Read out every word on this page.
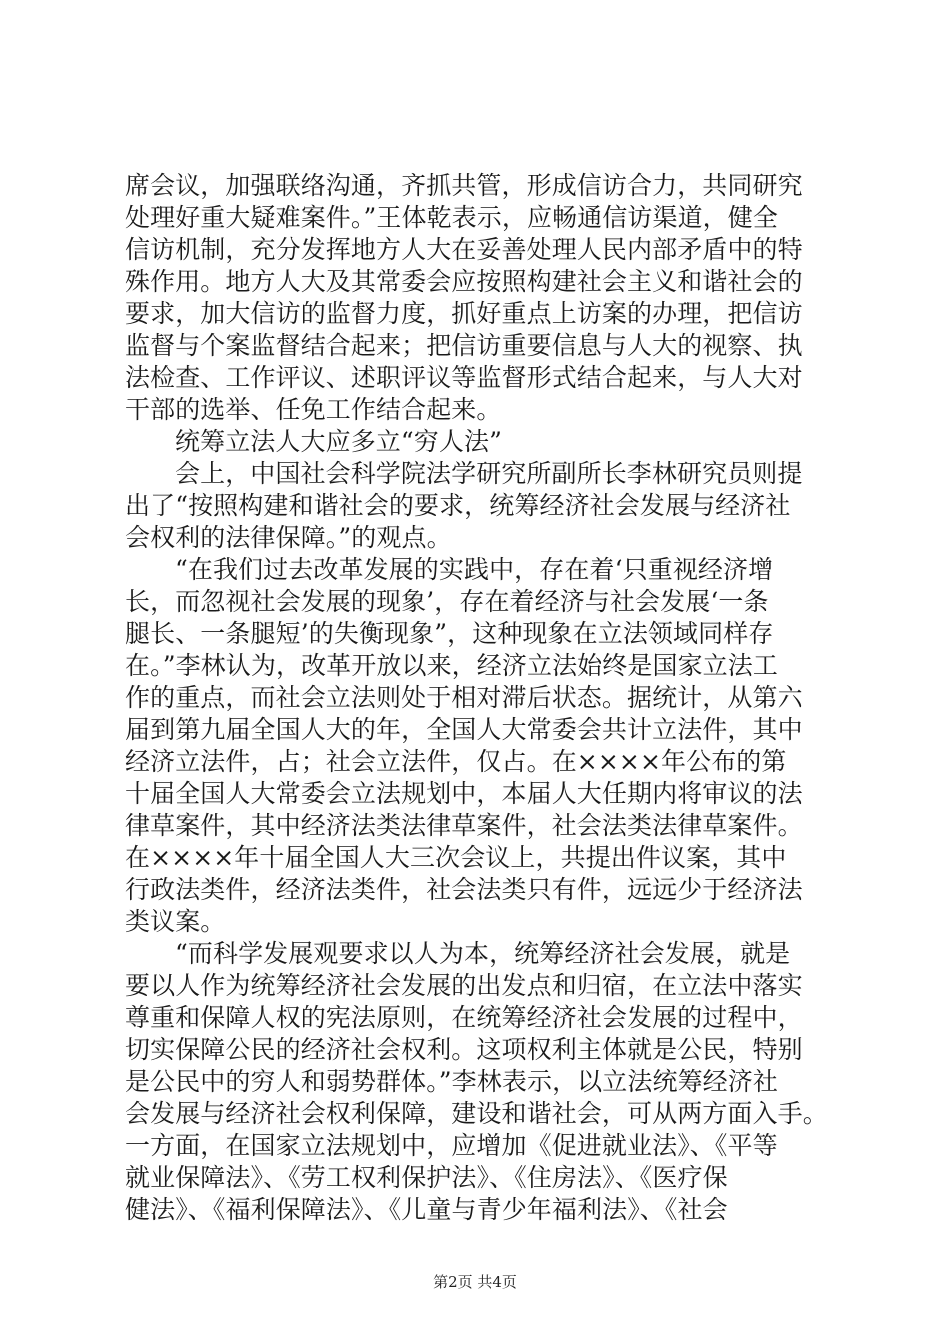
席会议，加强联络沟通，齐抓共管，形成信访合力，共同研究
处理好重大疑难案件。”王体乾表示，应畅通信访渠道，健全
信访机制，充分发挥地方人大在妥善处理人民内部矛盾中的特
殊作用。地方人大及其常委会应按照构建社会主义和谐社会的
要求，加大信访的监督力度，抓好重点上访案的办理，把信访
监督与个案监督结合起来；把信访重要信息与人大的视察、执
法检查、工作评议、述职评议等监督形式结合起来，与人大对
干部的选举、任免工作结合起来。
统筹立法人大应多立“穷人法”
会上，中国社会科学院法学研究所副所长李林研究员则提
出了“按照构建和谐社会的要求，统筹经济社会发展与经济社
会权利的法律保障。”的观点。
“在我们过去改革发展的实践中，存在着‘只重视经济增
长，而忽视社会发展的现象’，存在着经济与社会发展‘一条
腿长、一条腿短’的失衡现象”，这种现象在立法领域同样存
在。”李林认为，改革开放以来，经济立法始终是国家立法工
作的重点，而社会立法则处于相对滞后状态。据统计，从第六
届到第九届全国人大的年，全国人大常委会共计立法件，其中
经济立法件，占；社会立法件，仅占。在××××年公布的第
十届全国人大常委会立法规划中，本届人大任期内将审议的法
律草案件，其中经济法类法律草案件，社会法类法律草案件。
在××××年十届全国人大三次会议上，共提出件议案，其中
行政法类件，经济法类件，社会法类只有件，远远少于经济法
类议案。
“而科学发展观要求以人为本，统筹经济社会发展，就是
要以人作为统筹经济社会发展的出发点和归宿，在立法中落实
尊重和保障人权的宪法原则，在统筹经济社会发展的过程中，
切实保障公民的经济社会权利。这项权利主体就是公民，特别
是公民中的穷人和弱势群体。”李林表示，以立法统筹经济社
会发展与经济社会权利保障，建设和谐社会，可从两方面入手。
一方面，在国家立法规划中，应增加《促进就业法》、《平等
就业保障法》、《劳工权利保护法》、《住房法》、《医疗保
健法》、《福利保障法》、《儿童与青少年福利法》、《社会
第2页 共4页
